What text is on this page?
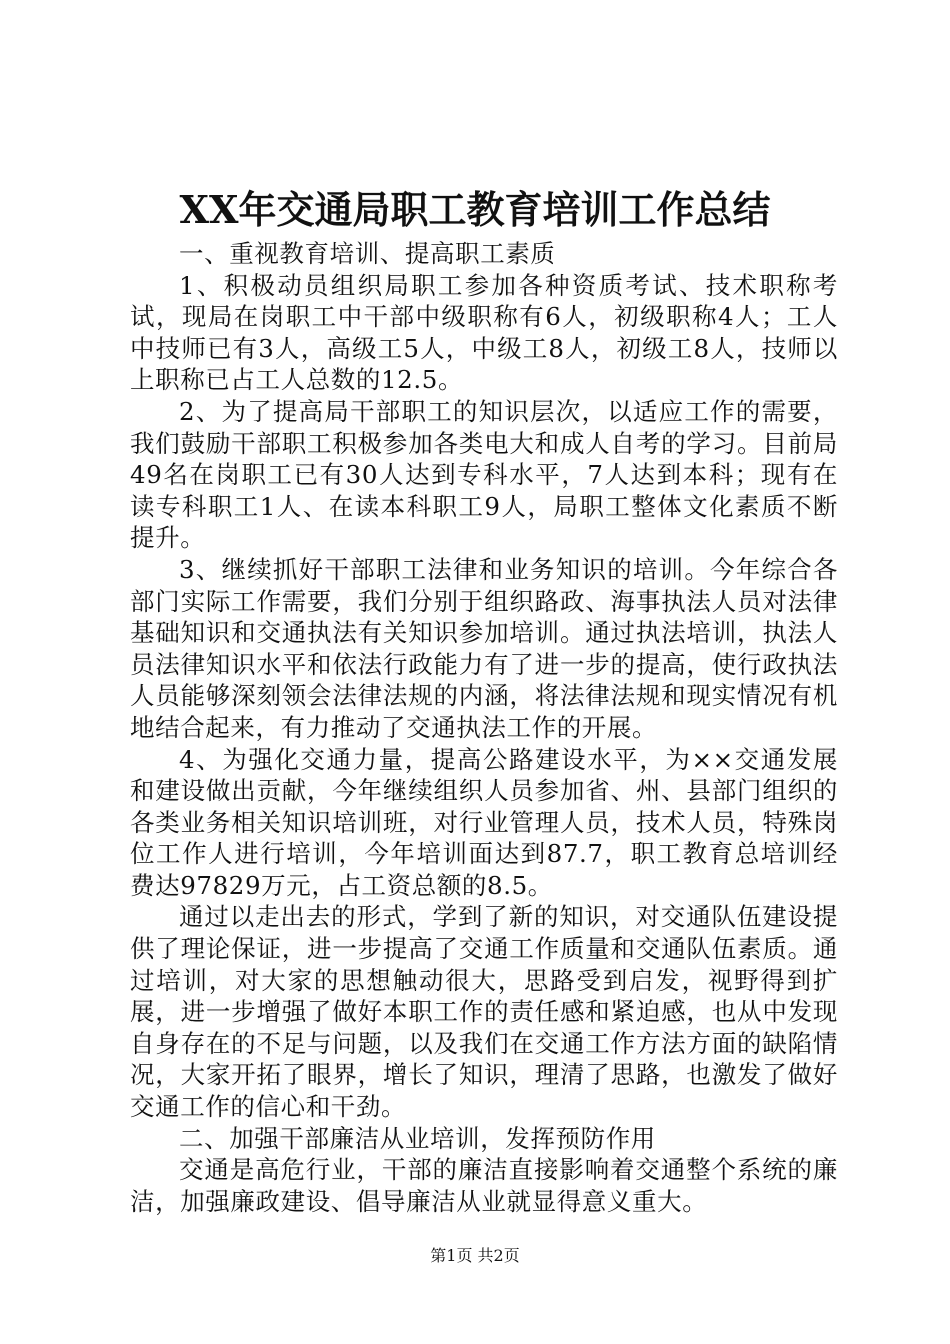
XX年交通局职工教育培训工作总结

一、重视教育培训、提高职工素质

1、积极动员组织局职工参加各种资质考试、技术职称考试，现局在岗职工中干部中级职称有6人，初级职称4人；工人中技师已有3人，高级工5人，中级工8人，初级工8人，技师以上职称已占工人总数的12.5。

2、为了提高局干部职工的知识层次，以适应工作的需要，我们鼓励干部职工积极参加各类电大和成人自考的学习。目前局49名在岗职工已有30人达到专科水平，7人达到本科；现有在读专科职工1人、在读本科职工9人，局职工整体文化素质不断提升。

3、继续抓好干部职工法律和业务知识的培训。今年综合各部门实际工作需要，我们分别于组织路政、海事执法人员对法律基础知识和交通执法有关知识参加培训。通过执法培训，执法人员法律知识水平和依法行政能力有了进一步的提高，使行政执法人员能够深刻领会法律法规的内涵，将法律法规和现实情况有机地结合起来，有力推动了交通执法工作的开展。

4、为强化交通力量，提高公路建设水平，为××交通发展和建设做出贡献，今年继续组织人员参加省、州、县部门组织的各类业务相关知识培训班，对行业管理人员，技术人员，特殊岗位工作人进行培训，今年培训面达到87.7，职工教育总培训经费达97829万元，占工资总额的8.5。

通过以走出去的形式，学到了新的知识，对交通队伍建设提供了理论保证，进一步提高了交通工作质量和交通队伍素质。通过培训，对大家的思想触动很大，思路受到启发，视野得到扩展，进一步增强了做好本职工作的责任感和紧迫感，也从中发现自身存在的不足与问题，以及我们在交通工作方法方面的缺陷情况，大家开拓了眼界，增长了知识，理清了思路，也激发了做好交通工作的信心和干劲。

二、加强干部廉洁从业培训，发挥预防作用

交通是高危行业，干部的廉洁直接影响着交通整个系统的廉洁，加强廉政建设、倡导廉洁从业就显得意义重大。

第1页 共2页
